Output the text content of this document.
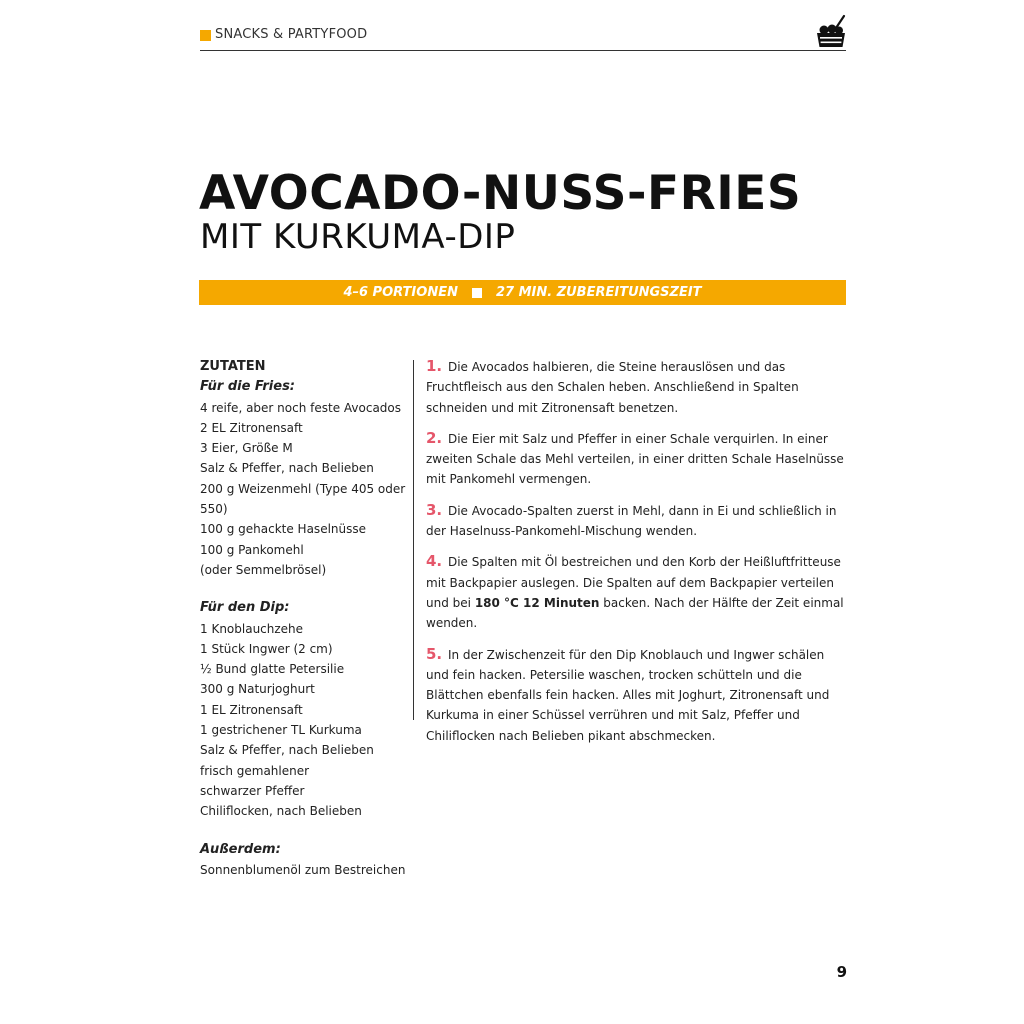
SNACKS & PARTYFOOD
AVOCADO-NUSS-FRIES
MIT KURKUMA-DIP
4–6 PORTIONEN	27 MIN. ZUBEREITUNGSZEIT
ZUTATEN
Für die Fries:
4 reife, aber noch feste Avocados
2 EL Zitronensaft
3 Eier, Größe M
Salz & Pfeffer, nach Belieben
200 g Weizenmehl (Type 405 oder
550)
100 g gehackte Haselnüsse
100 g Pankomehl
(oder Semmelbrösel)
Für den Dip:
1 Knoblauchzehe
1 Stück Ingwer (2 cm)
½ Bund glatte Petersilie
300 g Naturjoghurt
1 EL Zitronensaft
1 gestrichener TL Kurkuma
Salz & Pfeffer, nach Belieben
frisch gemahlener
schwarzer Pfeffer
Chiliflocken, nach Belieben
Außerdem:
Sonnenblumenöl zum Bestreichen
1. Die Avocados halbieren, die Steine herauslösen und das Fruchtfleisch aus den Schalen heben. Anschließend in Spalten schneiden und mit Zitronensaft benetzen.
2. Die Eier mit Salz und Pfeffer in einer Schale verquirlen. In einer zweiten Schale das Mehl verteilen, in einer dritten Schale Haselnüsse mit Pankomehl vermengen.
3. Die Avocado-Spalten zuerst in Mehl, dann in Ei und schließlich in der Haselnuss-Pankomehl-Mischung wenden.
4. Die Spalten mit Öl bestreichen und den Korb der Heißluftfritteuse mit Backpapier auslegen. Die Spalten auf dem Backpapier verteilen und bei 180 °C 12 Minuten backen. Nach der Hälfte der Zeit einmal wenden.
5. In der Zwischenzeit für den Dip Knoblauch und Ingwer schälen und fein hacken. Petersilie waschen, trocken schütteln und die Blättchen ebenfalls fein hacken. Alles mit Joghurt, Zitronensaft und Kurkuma in einer Schüssel verrühren und mit Salz, Pfeffer und Chiliflocken nach Belieben pikant abschmecken.
9
